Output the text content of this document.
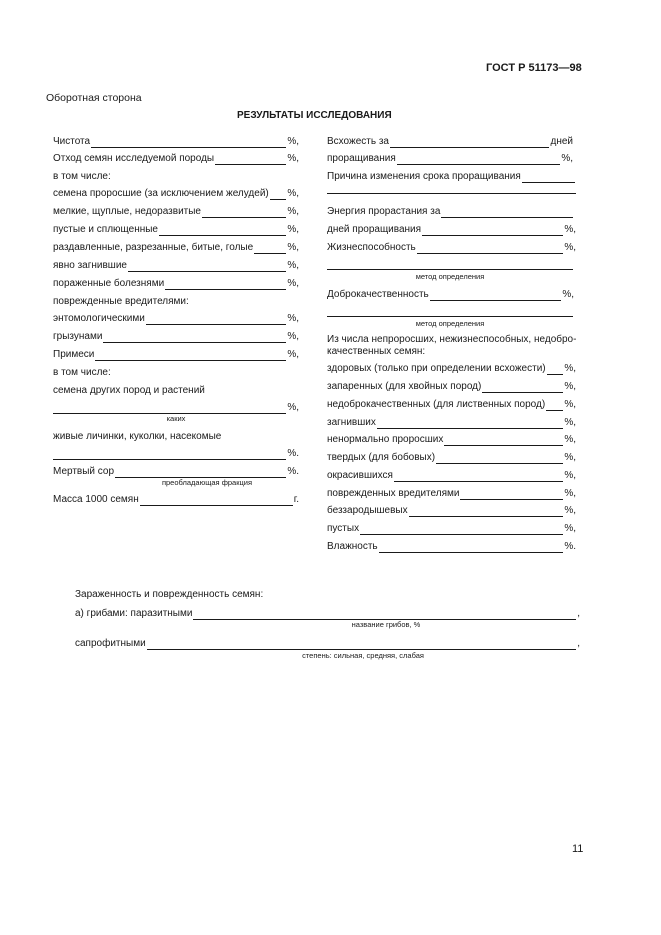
ГОСТ Р 51173—98
Оборотная сторона
РЕЗУЛЬТАТЫ ИССЛЕДОВАНИЯ
Чистота	%,
Отход семян исследуемой породы	%,
в том числе:
семена проросшие (за исключением желудей) %,
мелкие, щуплые, недоразвитые	%,
пустые и сплющенные	%,
раздавленные, разрезанные, битые, голые	%,
явно загнившие	%,
пораженные болезнями	%,
поврежденные вредителями:
энтомологическими	%,
грызунами	%,
Примеси	%,
в том числе:
семена других пород и растений
%,
каких
живые личинки, куколки, насекомые
%.
Мертвый сор	%.
преобладающая фракция
Масса 1000 семян	г.
Всхожесть за	дней
проращивания	%,
Причина изменения срока проращивания
Энергия прорастания за
дней проращивания	%,
Жизнеспособность	%,
метод определения
Доброкачественность	%,
метод определения
Из числа непроросших, нежизнеспособных, недобро-
качественных семян:
здоровых (только при определении всхожести) %,
запаренных (для хвойных пород)	%,
недоброкачественных (для лиственных пород) %,
загнивших	%,
ненормально проросших	%,
твердых (для бобовых)	%,
окрасившихся	%,
поврежденных вредителями	%,
беззародышевых	%,
пустых	%,
Влажность	%.
Зараженность и поврежденность семян:
а) грибами: паразитными	,
название грибов, %
сапрофитными	,
степень: сильная, средняя, слабая
11
